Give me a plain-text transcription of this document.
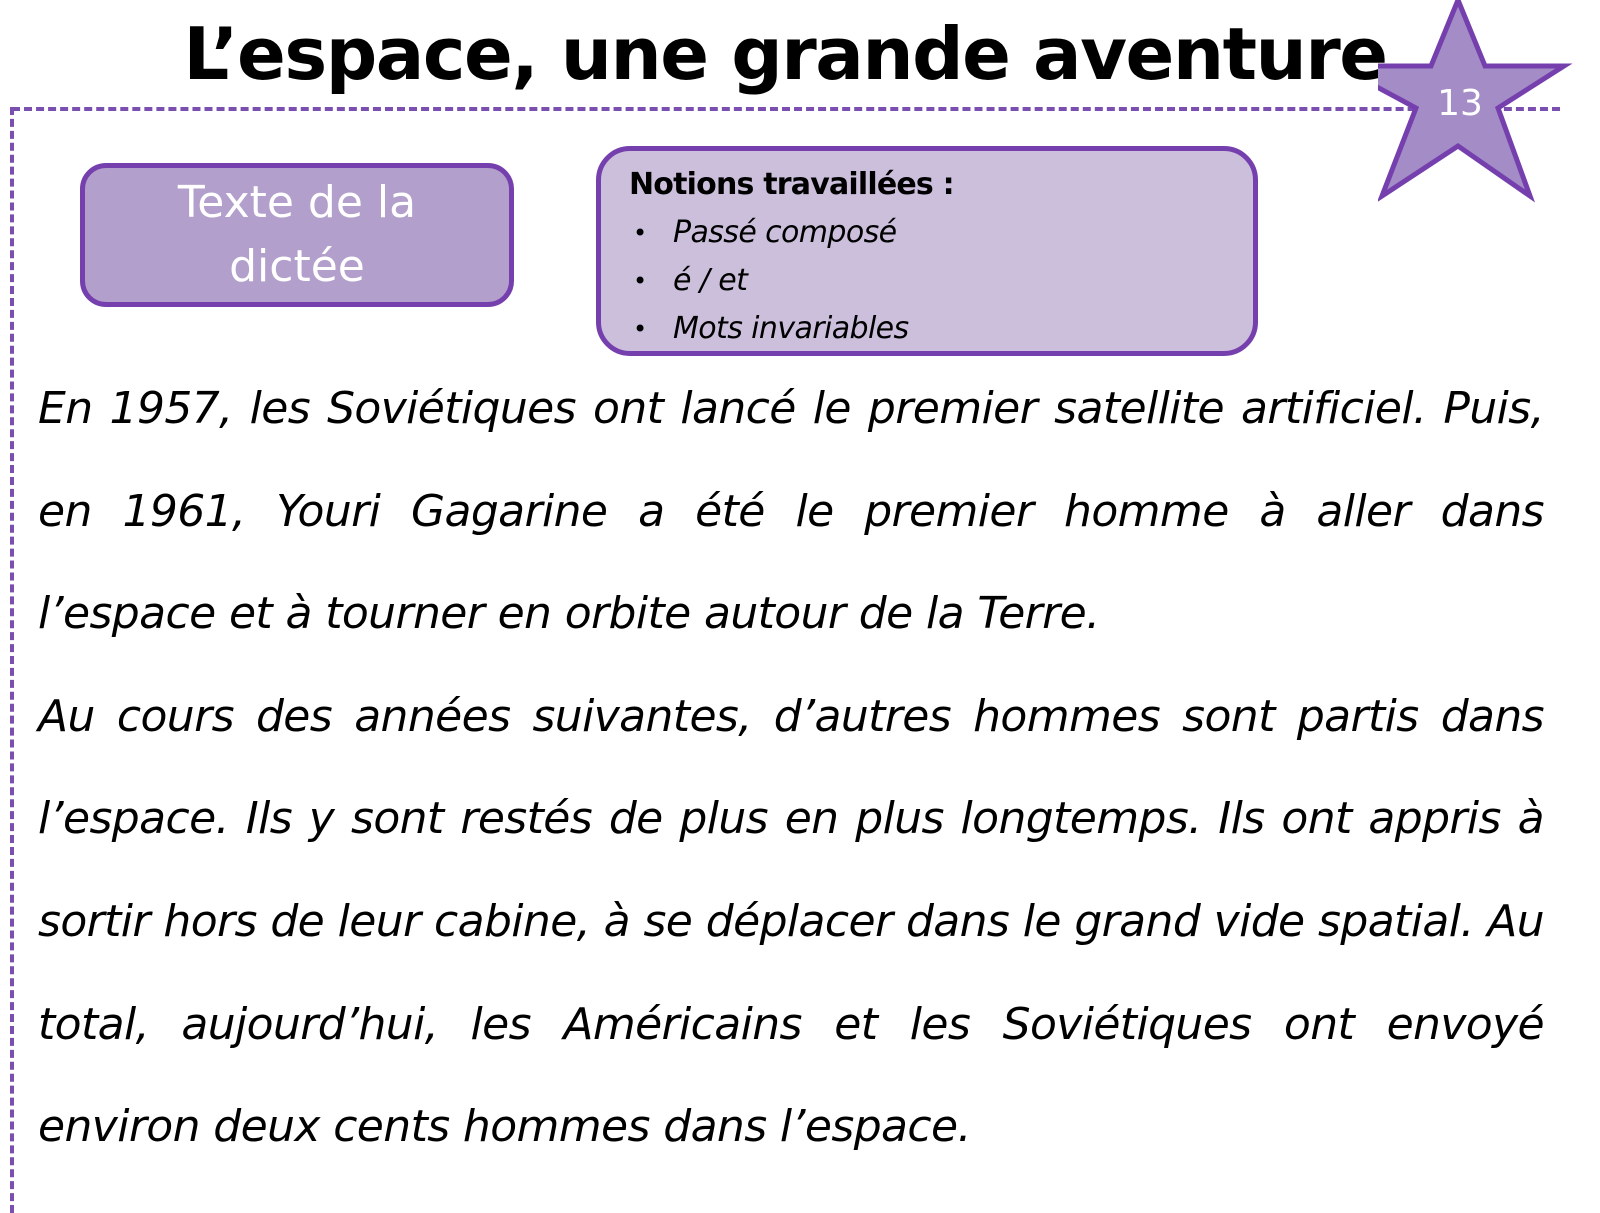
L’espace, une grande aventure
13
Texte de la dictée

Notions travaillées :

• Passé composé
• é / et
• Mots invariables

En 1957, les Soviétiques ont lancé le premier satellite artificiel. Puis, en 1961, Youri Gagarine a été le premier homme à aller dans l’espace et à tourner en orbite autour de la Terre.

Au cours des années suivantes, d’autres hommes sont partis dans l’espace. Ils y sont restés de plus en plus longtemps. Ils ont appris à sortir hors de leur cabine, à se déplacer dans le grand vide spatial. Au total, aujourd’hui, les Américains et les Soviétiques ont envoyé environ deux cents hommes dans l’espace.
